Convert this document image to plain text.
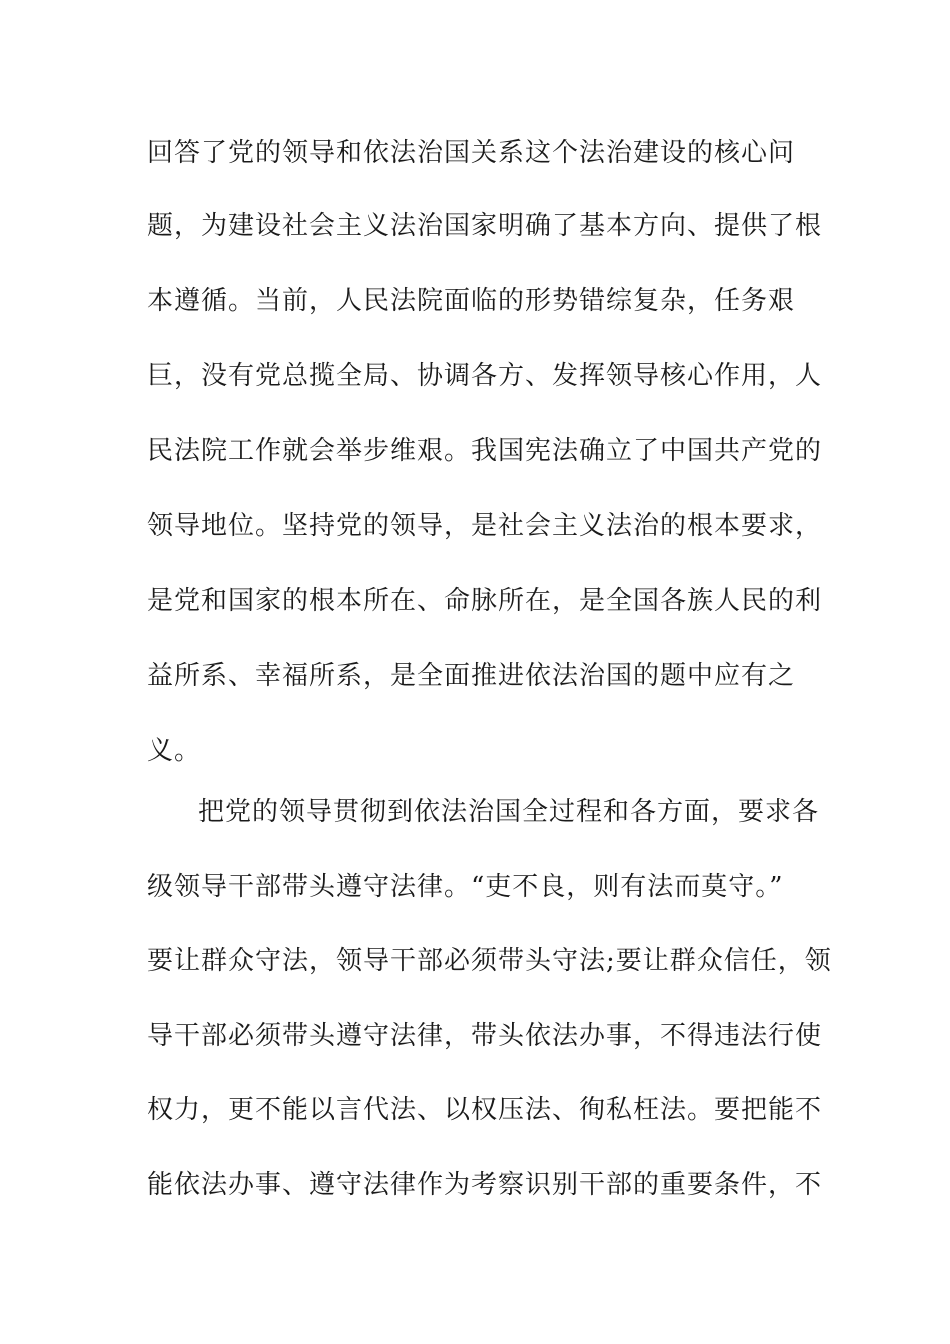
回答了党的领导和依法治国关系这个法治建设的核心问
题，为建设社会主义法治国家明确了基本方向、提供了根
本遵循。当前，人民法院面临的形势错综复杂，任务艰
巨，没有党总揽全局、协调各方、发挥领导核心作用，人
民法院工作就会举步维艰。我国宪法确立了中国共产党的
领导地位。坚持党的领导，是社会主义法治的根本要求，
是党和国家的根本所在、命脉所在，是全国各族人民的利
益所系、幸福所系，是全面推进依法治国的题中应有之
义。
把党的领导贯彻到依法治国全过程和各方面，要求各
级领导干部带头遵守法律。“吏不良，则有法而莫守。”
要让群众守法，领导干部必须带头守法;要让群众信任，领
导干部必须带头遵守法律，带头依法办事，不得违法行使
权力，更不能以言代法、以权压法、徇私枉法。要把能不
能依法办事、遵守法律作为考察识别干部的重要条件，不
